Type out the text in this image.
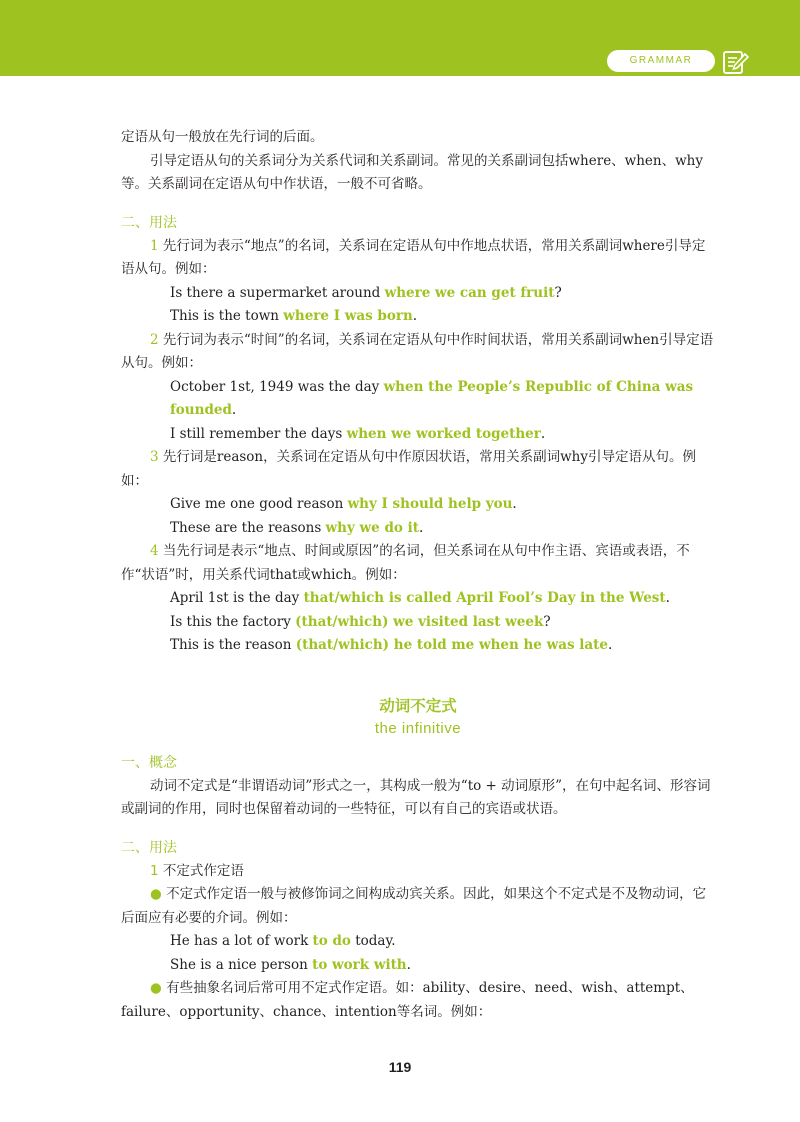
GRAMMAR

定语从句一般放在先行词的后面。

引导定语从句的关系词分为关系代词和关系副词。常见的关系副词包括where、when、why等。关系副词在定语从句中作状语，一般不可省略。

二、用法

1 先行词为表示“地点”的名词，关系词在定语从句中作地点状语，常用关系副词where引导定语从句。例如：

Is there a supermarket around where we can get fruit?

This is the town where I was born.

2 先行词为表示“时间”的名词，关系词在定语从句中作时间状语，常用关系副词when引导定语从句。例如：

October 1st, 1949 was the day when the People’s Republic of China was founded.

I still remember the days when we worked together.

3 先行词是reason，关系词在定语从句中作原因状语，常用关系副词why引导定语从句。例如：

Give me one good reason why I should help you.

These are the reasons why we do it.

4 当先行词是表示“地点、时间或原因”的名词，但关系词在从句中作主语、宾语或表语，不作“状语”时，用关系代词that或which。例如：

April 1st is the day that/which is called April Fool’s Day in the West.

Is this the factory (that/which) we visited last week?

This is the reason (that/which) he told me when he was late.

动词不定式

the infinitive

一、概念

动词不定式是“非谓语动词”形式之一，其构成一般为“to + 动词原形”，在句中起名词、形容词或副词的作用，同时也保留着动词的一些特征，可以有自己的宾语或状语。

二、用法

1 不定式作定语

● 不定式作定语一般与被修饰词之间构成动宾关系。因此，如果这个不定式是不及物动词，它后面应有必要的介词。例如：

He has a lot of work to do today.

She is a nice person to work with.

● 有些抽象名词后常可用不定式作定语。如：ability、desire、need、wish、attempt、failure、opportunity、chance、intention等名词。例如：

119
